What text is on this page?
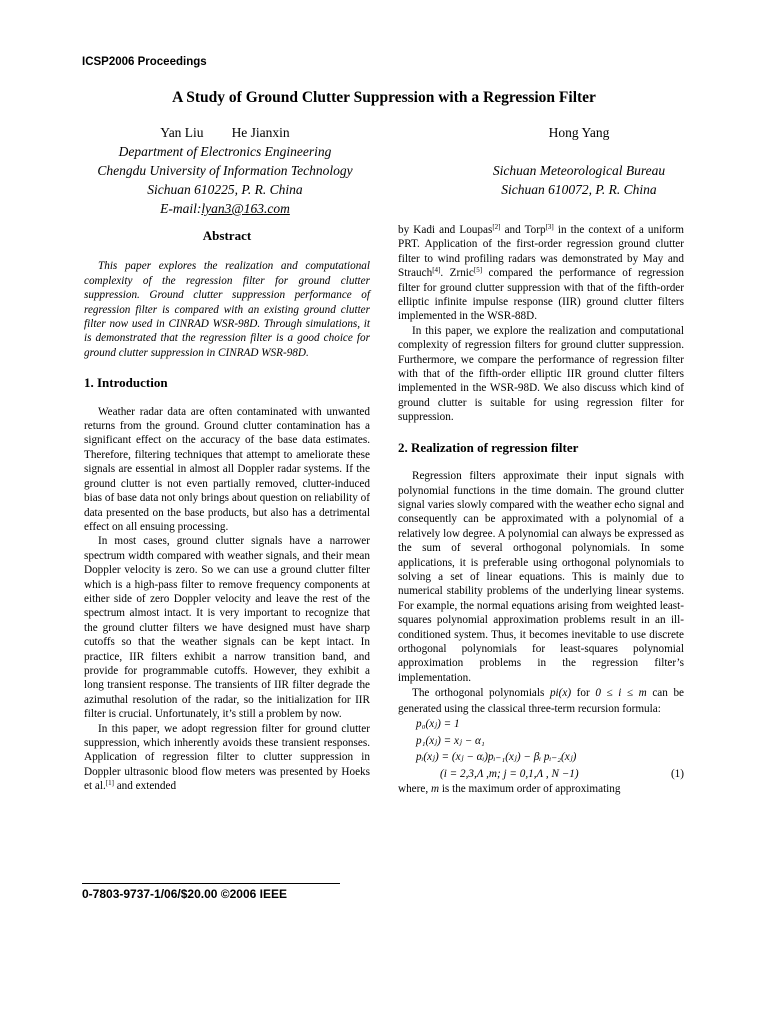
ICSP2006 Proceedings
A Study of Ground Clutter Suppression with a Regression Filter
Yan Liu He Jianxin
Department of Electronics Engineering
Chengdu University of Information Technology
Sichuan 610225, P. R. China
E-mail:lyan3@163.com
Hong Yang
Sichuan Meteorological Bureau
Sichuan 610072, P. R. China
Abstract

This paper explores the realization and computational complexity of the regression filter for ground clutter suppression. Ground clutter suppression performance of regression filter is compared with an existing ground clutter filter now used in CINRAD WSR-98D. Through simulations, it is demonstrated that the regression filter is a good choice for ground clutter suppression in CINRAD WSR-98D.

1. Introduction

Weather radar data are often contaminated with unwanted returns from the ground. Ground clutter contamination has a significant effect on the accuracy of the base data estimates. Therefore, filtering techniques that attempt to ameliorate these signals are essential in almost all Doppler radar systems. If the ground clutter is not even partially removed, clutter-induced bias of base data not only brings about question on reliability of data presented on the base products, but also has a detrimental effect on all ensuing processing.

In most cases, ground clutter signals have a narrower spectrum width compared with weather signals, and their mean Doppler velocity is zero. So we can use a ground clutter filter which is a high-pass filter to remove frequency components at either side of zero Doppler velocity and leave the rest of the spectrum almost intact. It is very important to recognize that the ground clutter filters we have designed must have sharp cutoffs so that the weather signals can be kept intact. In practice, IIR filters exhibit a narrow transition band, and provide for programmable cutoffs. However, they exhibit a long transient response. The transients of IIR filter degrade the azimuthal resolution of the radar, so the initialization for IIR filter is crucial. Unfortunately, it’s still a problem by now.

In this paper, we adopt regression filter for ground clutter suppression, which inherently avoids these transient responses. Application of regression filter to clutter suppression in Doppler ultrasonic blood flow meters was presented by Hoeks et al.[1] and extended

by Kadi and Loupas[2] and Torp[3] in the context of a uniform PRT. Application of the first-order regression ground clutter filter to wind profiling radars was demonstrated by May and Strauch[4]. Zrnic[5] compared the performance of regression filter for ground clutter suppression with that of the fifth-order elliptic infinite impulse response (IIR) ground clutter filters implemented in the WSR-88D.

In this paper, we explore the realization and computational complexity of regression filters for ground clutter suppression. Furthermore, we compare the performance of regression filter with that of the fifth-order elliptic IIR ground clutter filters implemented in the WSR-98D. We also discuss which kind of ground clutter is suitable for using regression filter for suppression.

2. Realization of regression filter

Regression filters approximate their input signals with polynomial functions in the time domain. The ground clutter signal varies slowly compared with the weather echo signal and consequently can be approximated with a polynomial of a relatively low degree. A polynomial can always be expressed as the sum of several orthogonal polynomials. In some applications, it is preferable using orthogonal polynomials to solving a set of linear equations. This is mainly due to numerical stability problems of the underlying linear systems. For example, the normal equations arising from weighted least-squares polynomial approximation problems result in an ill-conditioned system. Thus, it becomes inevitable to use discrete orthogonal polynomials for least-squares polynomial approximation problems in the regression filter’s implementation.

The orthogonal polynomials pi(x) for 0 ≤ i ≤ m can be generated using the classical three-term recursion formula:

p₀(xⱼ) = 1
p₁(xⱼ) = xⱼ − α₁
pᵢ(xⱼ) = (xⱼ − αᵢ)pᵢ₋₁(xⱼ) − βᵢ pᵢ₋₂(xⱼ)
(i = 2,3,Λ ,m; j = 0,1,Λ , N −1)	(1)

where, m is the maximum order of approximating

0-7803-9737-1/06/$20.00 ©2006 IEEE
